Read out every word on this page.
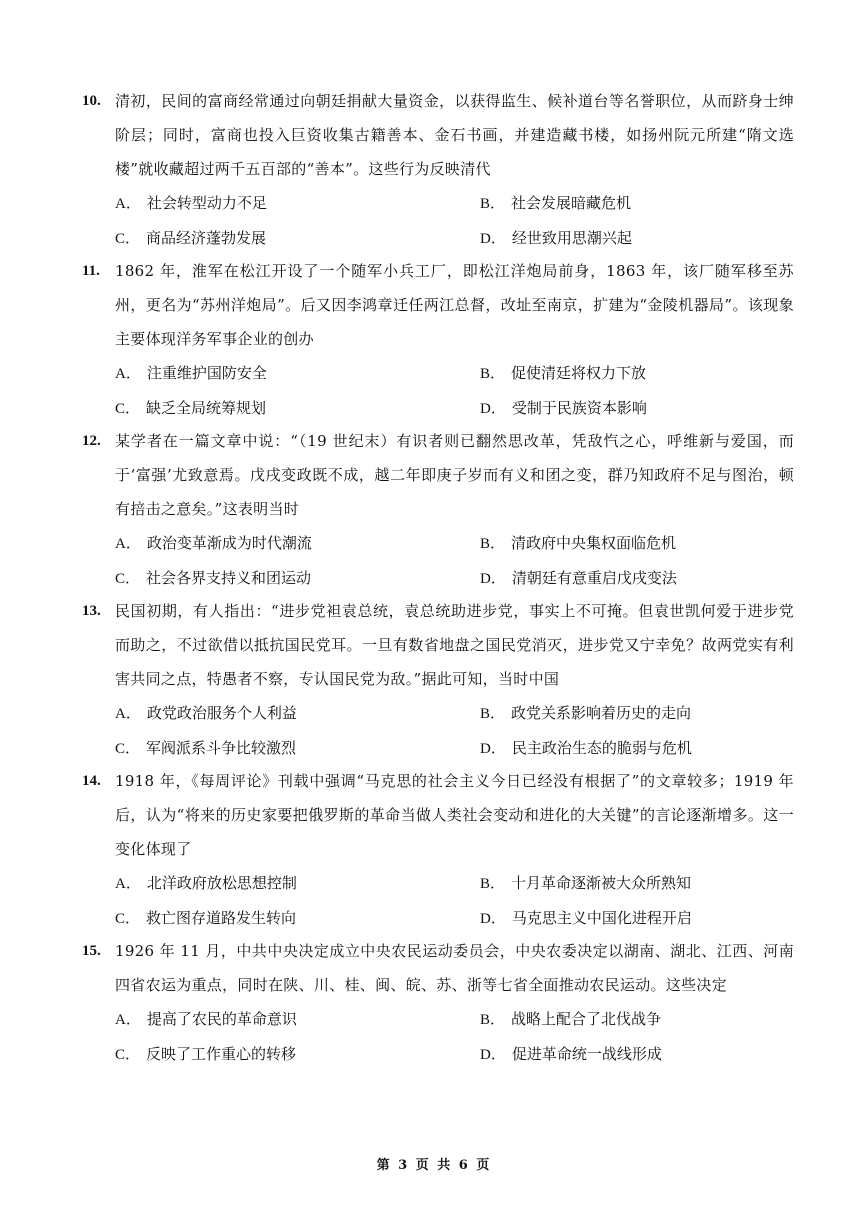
10. 清初，民间的富商经常通过向朝廷捐献大量资金，以获得监生、候补道台等名誉职位，从而跻身士绅阶层；同时，富商也投入巨资收集古籍善本、金石书画，并建造藏书楼，如扬州阮元所建“隋文选楼”就收藏超过两千五百部的“善本”。这些行为反映清代
A． 社会转型动力不足	B． 社会发展暗藏危机
C． 商品经济蓬勃发展	D． 经世致用思潮兴起
11. 1862 年，淮军在松江开设了一个随军小兵工厂，即松江洋炮局前身，1863 年，该厂随军移至苏州，更名为“苏州洋炮局”。后又因李鸿章迁任两江总督，改址至南京，扩建为“金陵机器局”。该现象主要体现洋务军事企业的创办
A． 注重维护国防安全	B． 促使清廷将权力下放
C． 缺乏全局统筹规划	D． 受制于民族资本影响
12. 某学者在一篇文章中说：“（19 世纪末）有识者则已翻然思改革，凭敌忾之心，呼维新与爱国，而于‘富强’尤致意焉。戊戌变政既不成，越二年即庚子岁而有义和团之变，群乃知政府不足与图治，顿有掊击之意矣。”这表明当时
A． 政治变革渐成为时代潮流	B． 清政府中央集权面临危机
C． 社会各界支持义和团运动	D． 清朝廷有意重启戊戌变法
13. 民国初期，有人指出：“进步党袒袁总统，袁总统助进步党，事实上不可掩。但袁世凯何爱于进步党而助之，不过欲借以抵抗国民党耳。一旦有数省地盘之国民党消灭，进步党又宁幸免？故两党实有利害共同之点，特愚者不察，专认国民党为敌。”据此可知，当时中国
A． 政党政治服务个人利益	B． 政党关系影响着历史的走向
C． 军阀派系斗争比较激烈	D． 民主政治生态的脆弱与危机
14. 1918 年，《每周评论》刊载中强调“马克思的社会主义今日已经没有根据了”的文章较多；1919 年后，认为“将来的历史家要把俄罗斯的革命当做人类社会变动和进化的大关键”的言论逐渐增多。这一变化体现了
A． 北洋政府放松思想控制	B． 十月革命逐渐被大众所熟知
C． 救亡图存道路发生转向	D． 马克思主义中国化进程开启
15. 1926 年 11 月，中共中央决定成立中央农民运动委员会，中央农委决定以湖南、湖北、江西、河南四省农运为重点，同时在陕、川、桂、闽、皖、苏、浙等七省全面推动农民运动。这些决定
A． 提高了农民的革命意识	B． 战略上配合了北伐战争
C． 反映了工作重心的转移	D． 促进革命统一战线形成
第 3 页 共 6 页
